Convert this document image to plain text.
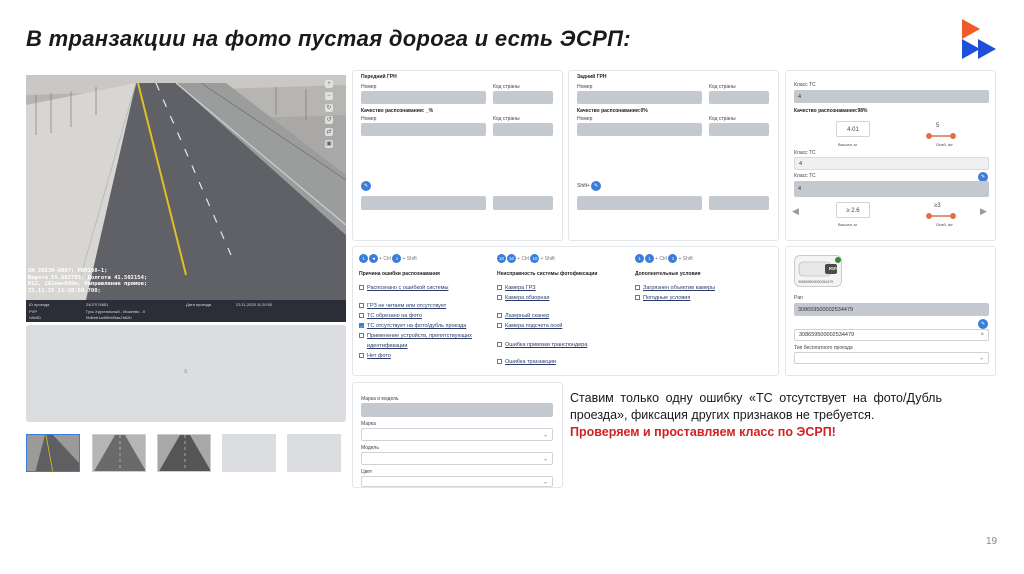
В транзакции на фото пустая дорога и есть ЭСРП:
SN 2023O-0067; РВП108-1;
Широта 55.662703, Долгота 41.502154;
М12, 281км+849м, Направление прямое;
23.11.25 11:20:50.700;
+
−
↻
↺
⇄
▣
ID проезда	2407074851
PVP	Гусь Хрустальный - Мокеево - II
VANID	f9dbeb1a4f0bbf3aa7b62b
Дата проезда	23.11.2025 11:20:50
Х
Передний ГРН
Номер	Код страны
Качество распознавания: _%
Номер	Код страны
✎
Задний ГРН
Номер	Код страны
Качество распознавания:0%
Номер	Код страны
Shift+ ✎
Класс ТС
4
Качество распознавания:98%
4.01
5
Высота, м	Осей, шт
Класс ТС
4
Класс ТС	✎
4
◀	▶
≥ 2.6
≥3
Высота, м	Осей, шт
1 ◄ + Ctrl 1 + Shift	10 10 + Ctrl 10 + Shift	1 1 + Ctrl 1 + Shift
Причина ошибки распознавания
Распознано с ошибкой системы
ГРЗ не читаем или отсутствует
ТС обрезано на фото
✓ ТС отсутствует на фото/дубль проезда
Применение устройств, препятствующих
идентификации
Нет фото
Неисправность системы фотофиксации
Камера ГРЗ
Камера обзорная
Лазерный сканер
Камера подсчета осей
Ошибка привязки транспондера
Ошибка транзакции
Дополнительные условия
Загрязнен объектив камеры
Погодные условия
ЮЛ
308659500000254479
Pan
308659500002534479
✎
308659500002534479	×
Тип бесплатного проезда
⌄
Марка и модель
Марка
⌄
Модель
⌄
Цвет
⌄
Ставим только одну ошибку «ТС отсутствует на фото/Дубль проезда», фиксация других признаков не требуется.
Проверяем и проставляем класс по ЭСРП!
19
